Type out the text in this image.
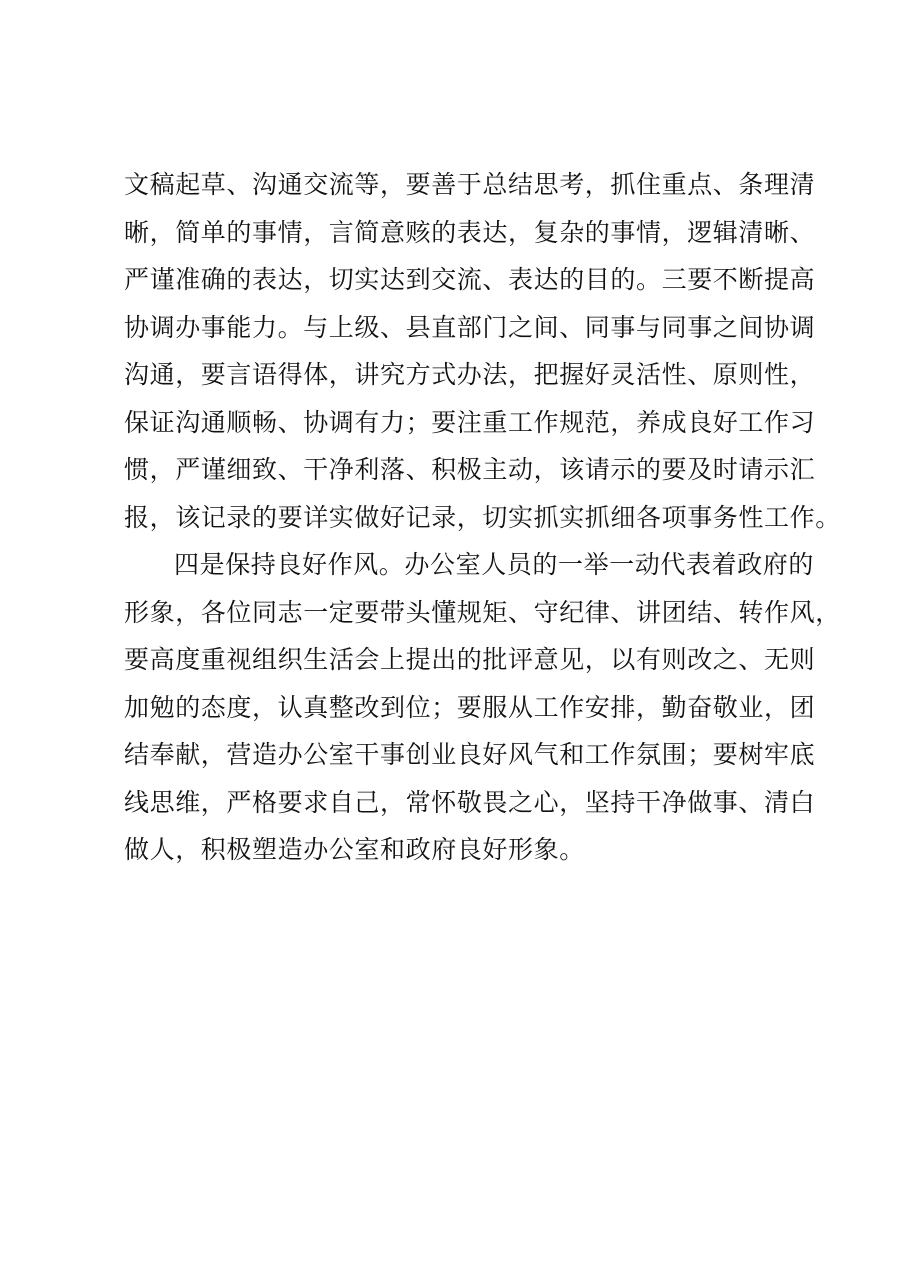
文稿起草、沟通交流等，要善于总结思考，抓住重点、条理清
晰，简单的事情，言简意赅的表达，复杂的事情，逻辑清晰、
严谨准确的表达，切实达到交流、表达的目的。三要不断提高
协调办事能力。与上级、县直部门之间、同事与同事之间协调
沟通，要言语得体，讲究方式办法，把握好灵活性、原则性，
保证沟通顺畅、协调有力；要注重工作规范，养成良好工作习
惯，严谨细致、干净利落、积极主动，该请示的要及时请示汇
报，该记录的要详实做好记录，切实抓实抓细各项事务性工作。
四是保持良好作风。办公室人员的一举一动代表着政府的
形象，各位同志一定要带头懂规矩、守纪律、讲团结、转作风，
要高度重视组织生活会上提出的批评意见，以有则改之、无则
加勉的态度，认真整改到位；要服从工作安排，勤奋敬业，团
结奉献，营造办公室干事创业良好风气和工作氛围；要树牢底
线思维，严格要求自己，常怀敬畏之心，坚持干净做事、清白
做人，积极塑造办公室和政府良好形象。
